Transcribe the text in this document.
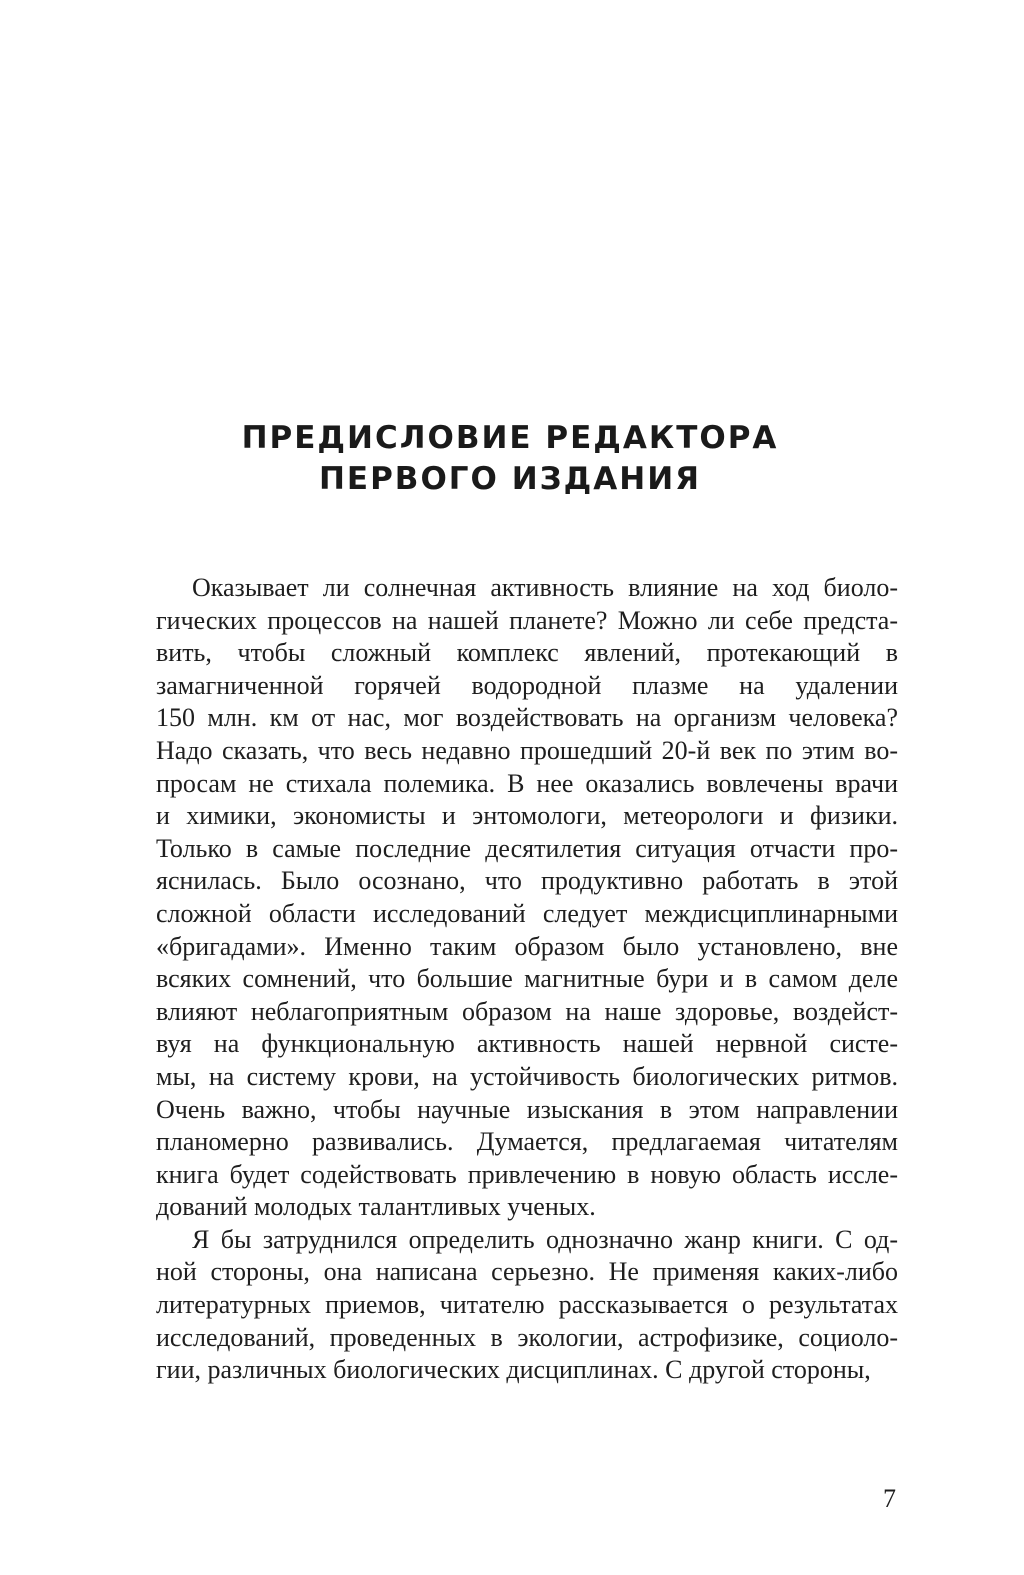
ПРЕДИСЛОВИЕ РЕДАКТОРА
ПЕРВОГО ИЗДАНИЯ
Оказывает ли солнечная активность влияние на ход биоло-
гических процессов на нашей планете? Можно ли себе предста-
вить, чтобы сложный комплекс явлений, протекающий в
замагниченной горячей водородной плазме на удалении
150 млн. км от нас, мог воздействовать на организм человека?
Надо сказать, что весь недавно прошедший 20-й век по этим во-
просам не стихала полемика. В нее оказались вовлечены врачи
и химики, экономисты и энтомологи, метеорологи и физики.
Только в самые последние десятилетия ситуация отчасти про-
яснилась. Было осознано, что продуктивно работать в этой
сложной области исследований следует междисциплинарными
«бригадами». Именно таким образом было установлено, вне
всяких сомнений, что большие магнитные бури и в самом деле
влияют неблагоприятным образом на наше здоровье, воздейст-
вуя на функциональную активность нашей нервной систе-
мы, на систему крови, на устойчивость биологических ритмов.
Очень важно, чтобы научные изыскания в этом направлении
планомерно развивались. Думается, предлагаемая читателям
книга будет содействовать привлечению в новую область иссле-
дований молодых талантливых ученых.
Я бы затруднился определить однозначно жанр книги. С од-
ной стороны, она написана серьезно. Не применяя каких-либо
литературных приемов, читателю рассказывается о результатах
исследований, проведенных в экологии, астрофизике, социоло-
гии, различных биологических дисциплинах. С другой стороны,
7
